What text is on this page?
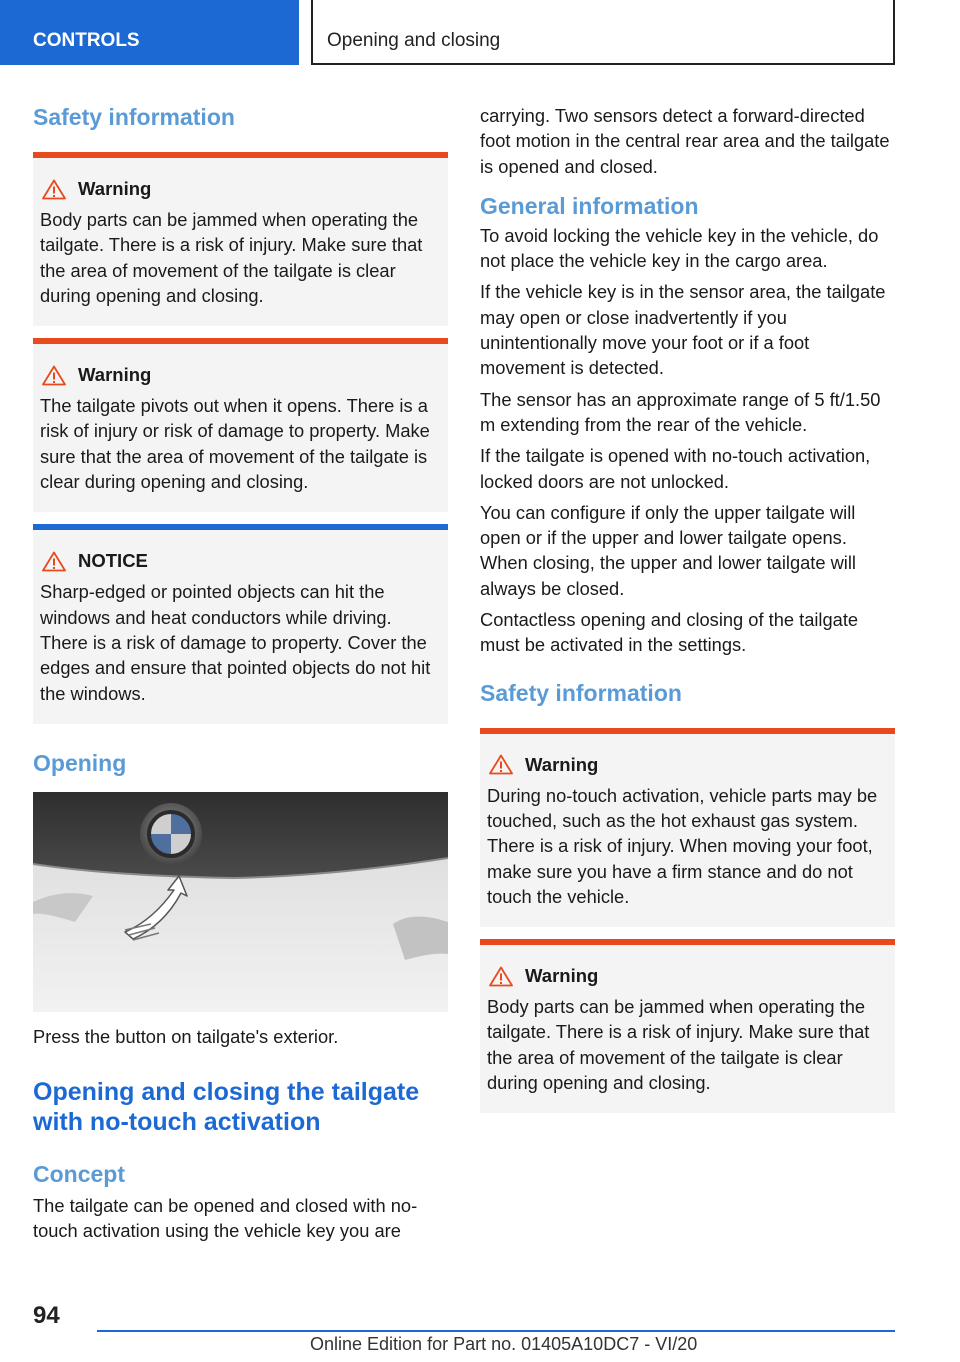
CONTROLS	Opening and closing
Safety information
Warning

Body parts can be jammed when operating the tailgate. There is a risk of injury. Make sure that the area of movement of the tailgate is clear during opening and closing.

Warning

The tailgate pivots out when it opens. There is a risk of injury or risk of damage to property. Make sure that the area of movement of the tailgate is clear during opening and closing.

NOTICE

Sharp-edged or pointed objects can hit the windows and heat conductors while driving. There is a risk of damage to property. Cover the edges and ensure that pointed objects do not hit the windows.

Opening

Press the button on tailgate's exterior.

Opening and closing the tailgate with no-touch activation
Concept

The tailgate can be opened and closed with no-touch activation using the vehicle key you are

carrying. Two sensors detect a forward-directed foot motion in the central rear area and the tailgate is opened and closed.

General information

To avoid locking the vehicle key in the vehicle, do not place the vehicle key in the cargo area.

If the vehicle key is in the sensor area, the tailgate may open or close inadvertently if you unintentionally move your foot or if a foot movement is detected.

The sensor has an approximate range of 5 ft/1.50 m extending from the rear of the vehicle.

If the tailgate is opened with no-touch activation, locked doors are not unlocked.

You can configure if only the upper tailgate will open or if the upper and lower tailgate opens. When closing, the upper and lower tailgate will always be closed.

Contactless opening and closing of the tailgate must be activated in the settings.

Safety information
Warning

During no-touch activation, vehicle parts may be touched, such as the hot exhaust gas system. There is a risk of injury. When moving your foot, make sure you have a firm stance and do not touch the vehicle.

Warning

Body parts can be jammed when operating the tailgate. There is a risk of injury. Make sure that the area of movement of the tailgate is clear during opening and closing.

94
Online Edition for Part no. 01405A10DC7 - VI/20
